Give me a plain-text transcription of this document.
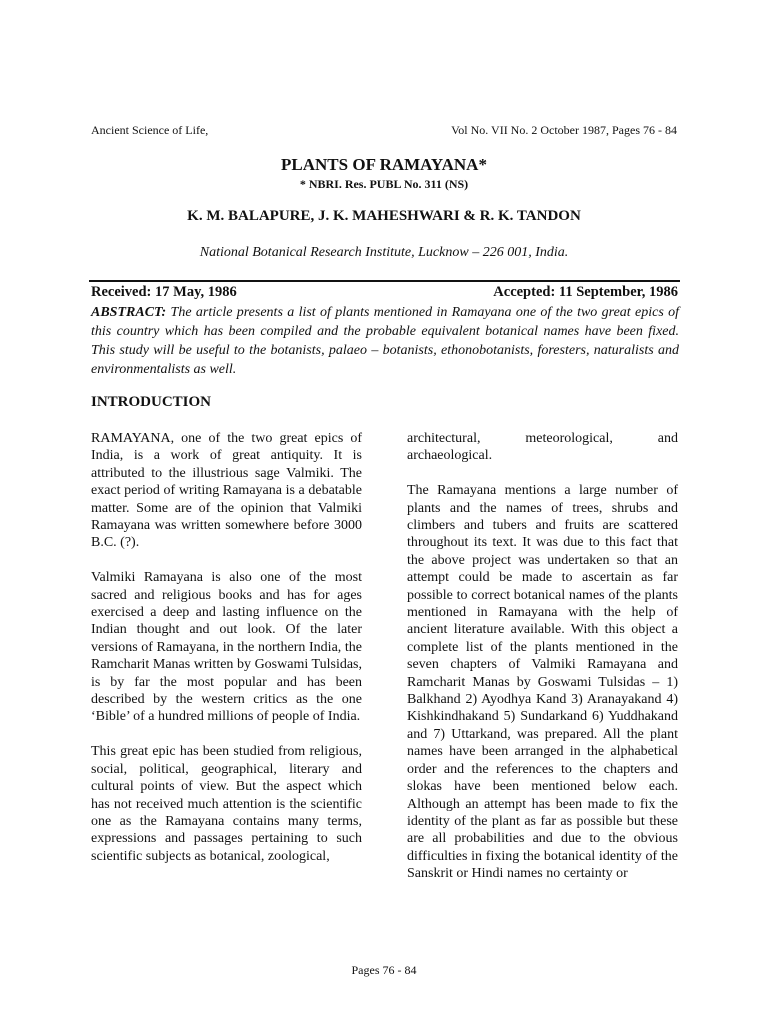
Ancient Science of Life,	Vol No. VII No. 2 October 1987, Pages 76 - 84
PLANTS OF RAMAYANA*
* NBRI. Res. PUBL No. 311 (NS)
K. M. BALAPURE, J. K. MAHESHWARI & R. K. TANDON
National Botanical Research Institute, Lucknow – 226 001, India.
Received: 17 May, 1986	Accepted: 11 September, 1986
ABSTRACT: The article presents a list of plants mentioned in Ramayana one of the two great epics of this country which has been compiled and the probable equivalent botanical names have been fixed. This study will be useful to the botanists, palaeo – botanists, ethonobotanists, foresters, naturalists and environmentalists as well.
INTRODUCTION

RAMAYANA, one of the two great epics of India, is a work of great antiquity. It is attributed to the illustrious sage Valmiki. The exact period of writing Ramayana is a debatable matter. Some are of the opinion that Valmiki Ramayana was written somewhere before 3000 B.C. (?).

Valmiki Ramayana is also one of the most sacred and religious books and has for ages exercised a deep and lasting influence on the Indian thought and out look. Of the later versions of Ramayana, in the northern India, the Ramcharit Manas written by Goswami Tulsidas, is by far the most popular and has been described by the western critics as the one ‘Bible’ of a hundred millions of people of India.

This great epic has been studied from religious, social, political, geographical, literary and cultural points of view. But the aspect which has not received much attention is the scientific one as the Ramayana contains many terms, expressions and passages pertaining to such scientific subjects as botanical, zoological,

architectural, meteorological, and archaeological.

The Ramayana mentions a large number of plants and the names of trees, shrubs and climbers and tubers and fruits are scattered throughout its text. It was due to this fact that the above project was undertaken so that an attempt could be made to ascertain as far possible to correct botanical names of the plants mentioned in Ramayana with the help of ancient literature available. With this object a complete list of the plants mentioned in the seven chapters of Valmiki Ramayana and Ramcharit Manas by Goswami Tulsidas – 1) Balkhand 2) Ayodhya Kand 3) Aranayakand 4) Kishkindhakand 5) Sundarkand 6) Yuddhakand and 7) Uttarkand, was prepared. All the plant names have been arranged in the alphabetical order and the references to the chapters and slokas have been mentioned below each. Although an attempt has been made to fix the identity of the plant as far as possible but these are all probabilities and due to the obvious difficulties in fixing the botanical identity of the Sanskrit or Hindi names no certainty or

Pages 76 - 84
